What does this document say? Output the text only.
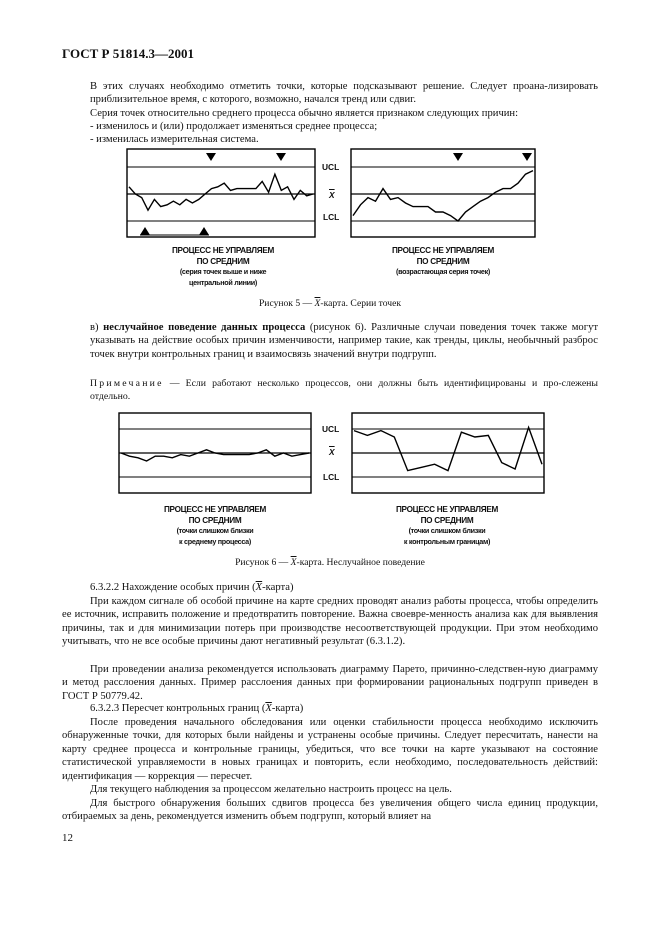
ГОСТ Р 51814.3—2001

В этих случаях необходимо отметить точки, которые подсказывают решение. Следует проана-лизировать приблизительное время, с которого, возможно, начался тренд или сдвиг.

Серия точек относительно среднего процесса обычно является признаком следующих причин:

- изменилось и (или) продолжает изменяться среднее процесса;
- изменилась измерительная система.
UCL
$\overline{X}$
LCL
ПРОЦЕСС НЕ УПРАВЛЯЕМ
ПО СРЕДНИМ
(серия точек выше и ниже
центральной линии)
ПРОЦЕСС НЕ УПРАВЛЯЕМ
ПО СРЕДНИМ
(возрастающая серия точек)
Рисунок 5 — $\overline{X}$-карта. Серии точек

в) неслучайное поведение данных процесса (рисунок 6). Различные случаи поведения точек также могут указывать на действие особых причин изменчивости, например такие, как тренды, циклы, необычный разброс точек внутри контрольных границ и взаимосвязь значений внутри подгрупп.

Примечание — Если работают несколько процессов, они должны быть идентифицированы и про-слежены отдельно.
UCL
$\overline{X}$
LCL
ПРОЦЕСС НЕ УПРАВЛЯЕМ
ПО СРЕДНИМ
(точки слишком близки
к среднему процесса)
ПРОЦЕСС НЕ УПРАВЛЯЕМ
ПО СРЕДНИМ
(точки слишком близки
к контрольным границам)
Рисунок 6 — $\overline{X}$-карта. Неслучайное поведение
6.3.2.2 Нахождение особых причин $(\overline{X}-карта)$

При каждом сигнале об особой причине на карте средних проводят анализ работы процесса, чтобы определить ее источник, исправить положение и предотвратить повторение. Важна своевре-менность анализа как для выявления причины, так и для минимизации потерь при производстве несоответствующей продукции. При этом необходимо учитывать, что не все особые причины дают негативный результат (6.3.1.2).

При проведении анализа рекомендуется использовать диаграмму Парето, причинно-следствен-ную диаграмму и метод расслоения данных. Пример расслоения данных при формировании рациональных подгрупп приведен в ГОСТ Р 50779.42.

6.3.2.3 Пересчет контрольных границ $(\overline{X}-карта)$

После проведения начального обследования или оценки стабильности процесса необходимо исключить обнаруженные точки, для которых были найдены и устранены особые причины. Следует пересчитать, нанести на карту среднее процесса и контрольные границы, убедиться, что все точки на карте указывают на состояние статистической управляемости в новых границах и повторить, если необходимо, последовательность действий: идентификация — коррекция — пересчет.

Для текущего наблюдения за процессом желательно настроить процесс на цель.

Для быстрого обнаружения больших сдвигов процесса без увеличения общего числа единиц продукции, отбираемых за день, рекомендуется изменить объем подгрупп, который влияет на

12
